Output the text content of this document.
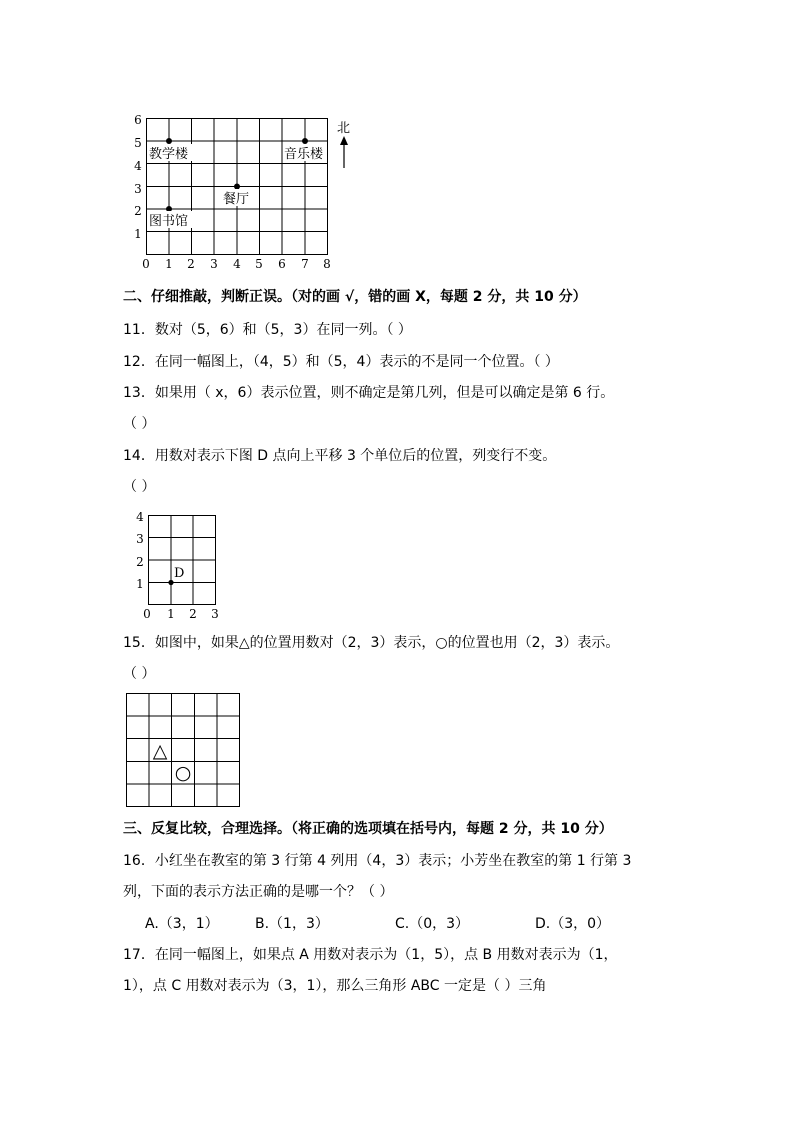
1
2
3
4
5
6
0 1 2 3 4 5 6 7 8
教学楼	音乐楼
餐厅
图书馆
北
二、仔细推敲，判断正误。（对的画 √，错的画 X，每题 2 分，共 10 分）
11．数对（5，6）和（5，3）在同一列。（ ）
12．在同一幅图上，（4，5）和（5，4）表示的不是同一个位置。（ ）
13．如果用（ x，6）表示位置，则不确定是第几列，但是可以确定是第 6 行。
（ ）
14．用数对表示下图 D 点向上平移 3 个单位后的位置，列变行不变。
（ ）
1
2
3
4
0 1 2 3
D
15．如图中，如果△的位置用数对（2，3）表示，○的位置也用（2，3）表示。
（ ）
△
○
三、反复比较，合理选择。（将正确的选项填在括号内，每题 2 分，共 10 分）
16．小红坐在教室的第 3 行第 4 列用（4，3）表示；小芳坐在教室的第 1 行第 3
列，下面的表示方法正确的是哪一个？（ ）
A.（3，1）	B.（1，3）	C.（0，3）	D.（3，0）
17．在同一幅图上，如果点 A 用数对表示为（1，5），点 B 用数对表示为（1，
1），点 C 用数对表示为（3，1），那么三角形 ABC 一定是（ ）三角
